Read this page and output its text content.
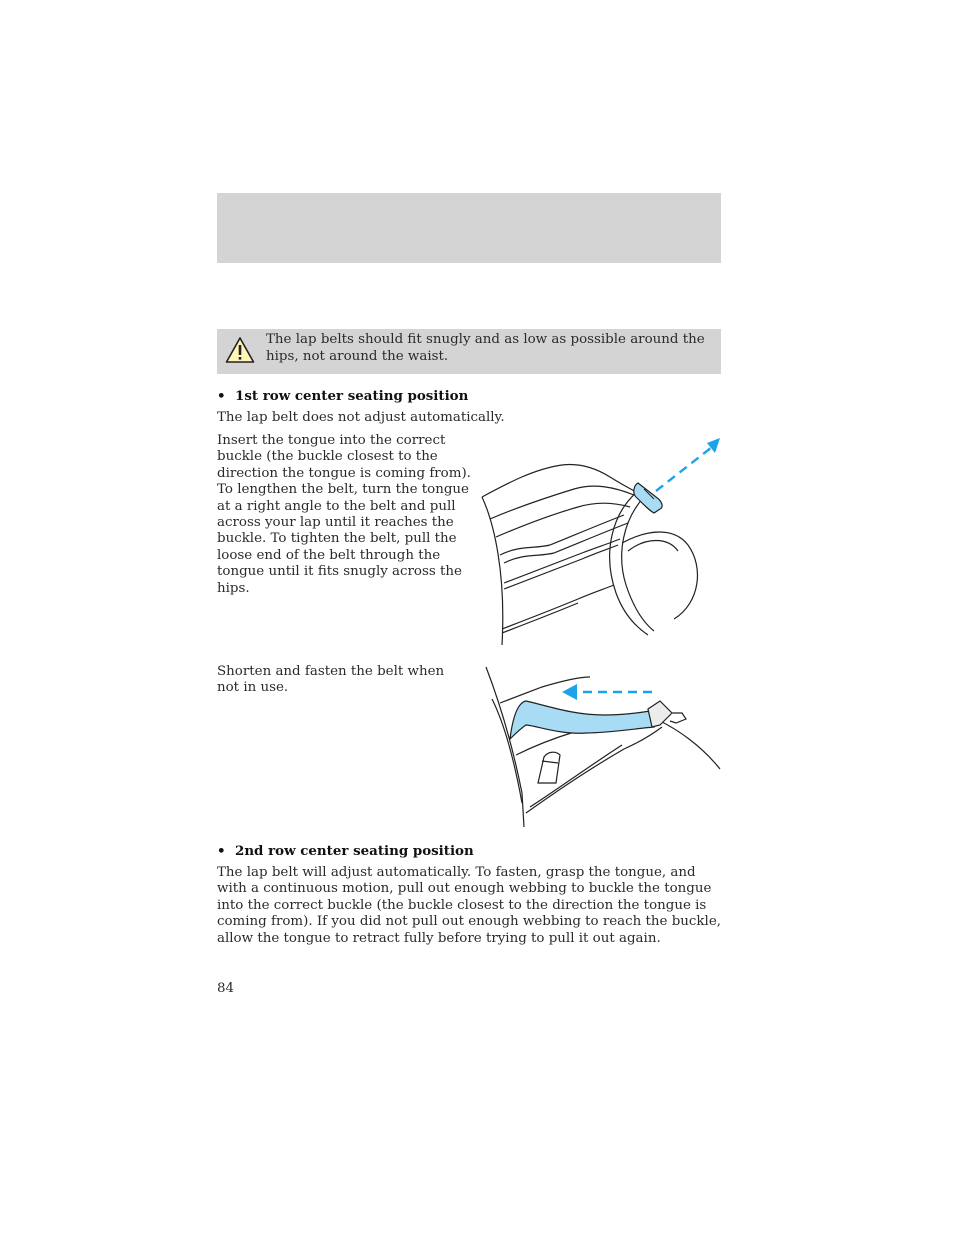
The lap belts should fit snugly and as low as possible around the hips, not around the waist.
• 1st row center seating position
The lap belt does not adjust automatically.
Insert the tongue into the correct buckle (the buckle closest to the direction the tongue is coming from). To lengthen the belt, turn the tongue at a right angle to the belt and pull across your lap until it reaches the buckle. To tighten the belt, pull the loose end of the belt through the tongue until it fits snugly across the hips.
Shorten and fasten the belt when not in use.
• 2nd row center seating position
The lap belt will adjust automatically. To fasten, grasp the tongue, and with a continuous motion, pull out enough webbing to buckle the tongue into the correct buckle (the buckle closest to the direction the tongue is coming from). If you did not pull out enough webbing to reach the buckle, allow the tongue to retract fully before trying to pull it out again.
84
